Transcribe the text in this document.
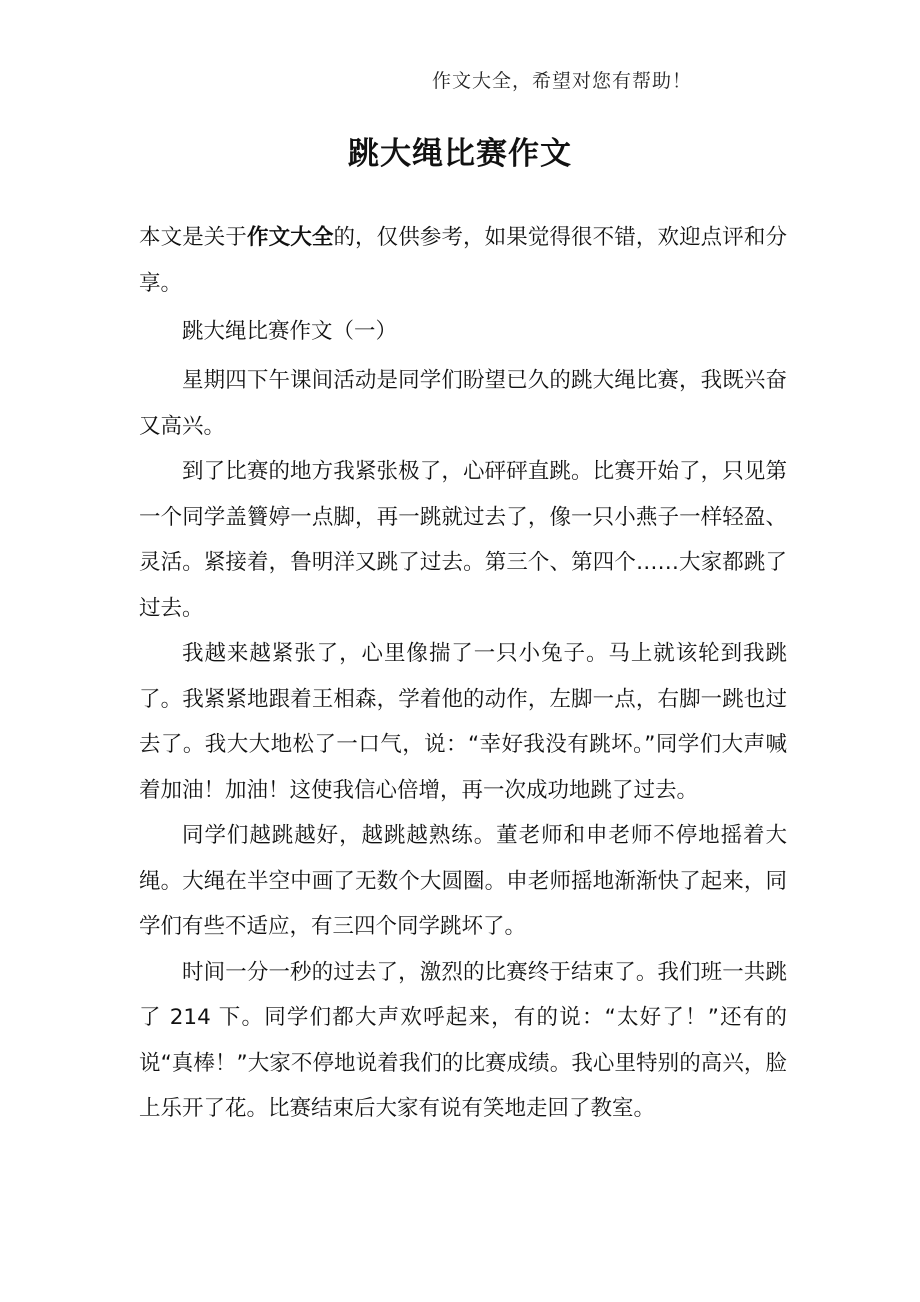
作文大全，希望对您有帮助！
跳大绳比赛作文

本文是关于作文大全的，仅供参考，如果觉得很不错，欢迎点评和分享。

跳大绳比赛作文（一）

星期四下午课间活动是同学们盼望已久的跳大绳比赛，我既兴奋又高兴。

到了比赛的地方我紧张极了，心砰砰直跳。比赛开始了，只见第一个同学盖籫婷一点脚，再一跳就过去了，像一只小燕子一样轻盈、灵活。紧接着，鲁明洋又跳了过去。第三个、第四个……大家都跳了过去。

我越来越紧张了，心里像揣了一只小兔子。马上就该轮到我跳了。我紧紧地跟着王相森，学着他的动作，左脚一点，右脚一跳也过去了。我大大地松了一口气，说：“幸好我没有跳坏。”同学们大声喊着加油！加油！这使我信心倍增，再一次成功地跳了过去。

同学们越跳越好，越跳越熟练。董老师和申老师不停地摇着大绳。大绳在半空中画了无数个大圆圈。申老师摇地渐渐快了起来，同学们有些不适应，有三四个同学跳坏了。

时间一分一秒的过去了，激烈的比赛终于结束了。我们班一共跳了 214 下。同学们都大声欢呼起来，有的说：“太好了！”还有的说“真棒！”大家不停地说着我们的比赛成绩。我心里特别的高兴，脸上乐开了花。比赛结束后大家有说有笑地走回了教室。
